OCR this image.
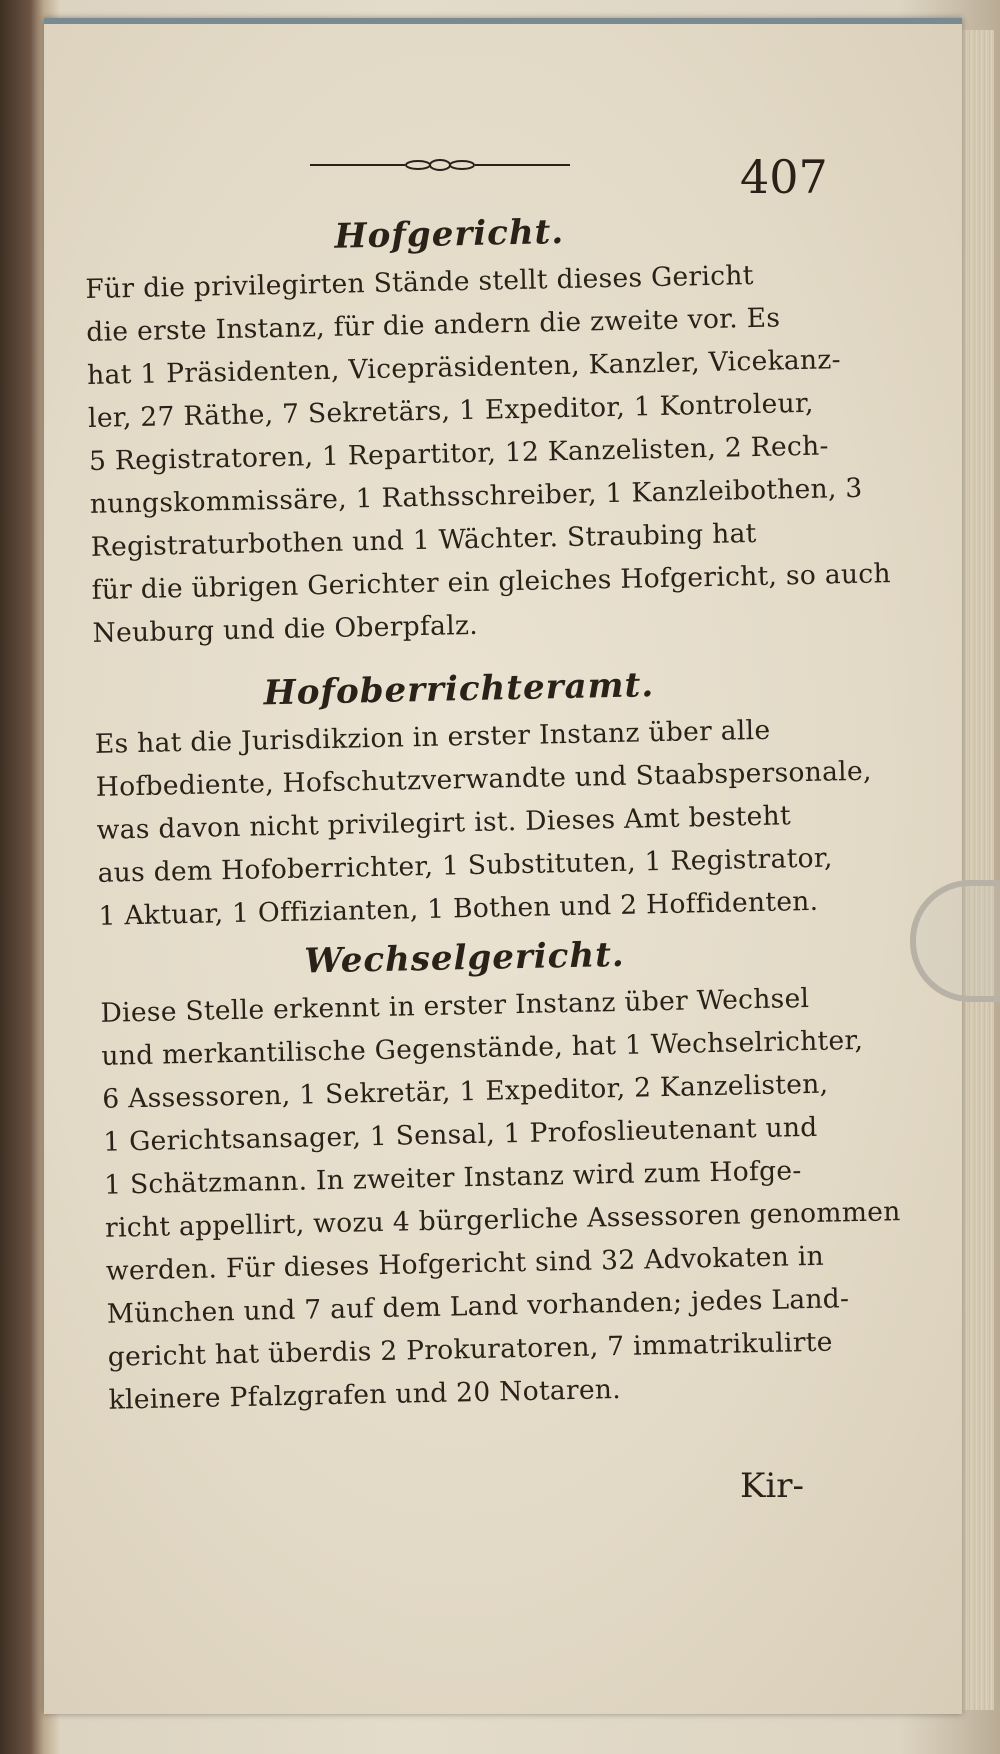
407
Hofgericht.

Für die privilegirten Stände stellt dieses Gericht
die erste Instanz, für die andern die zweite vor. Es
hat 1 Präsidenten, Vicepräsidenten, Kanzler, Vicekanz-
ler, 27 Räthe, 7 Sekretärs, 1 Expeditor, 1 Kontroleur,
5 Registratoren, 1 Repartitor, 12 Kanzelisten, 2 Rech-
nungskommissäre, 1 Rathsschreiber, 1 Kanzleibothen, 3
Registraturbothen und 1 Wächter. Straubing hat
für die übrigen Gerichter ein gleiches Hofgericht, so auch
Neuburg und die Oberpfalz.

Hofoberrichteramt.

Es hat die Jurisdikzion in erster Instanz über alle
Hofbediente, Hofschutzverwandte und Staabspersonale,
was davon nicht privilegirt ist. Dieses Amt besteht
aus dem Hofoberrichter, 1 Substituten, 1 Registrator,
1 Aktuar, 1 Offizianten, 1 Bothen und 2 Hoffidenten.

Wechselgericht.

Diese Stelle erkennt in erster Instanz über Wechsel
und merkantilische Gegenstände, hat 1 Wechselrichter,
6 Assessoren, 1 Sekretär, 1 Expeditor, 2 Kanzelisten,
1 Gerichtsansager, 1 Sensal, 1 Profoslieutenant und
1 Schätzmann. In zweiter Instanz wird zum Hofge-
richt appellirt, wozu 4 bürgerliche Assessoren genommen
werden. Für dieses Hofgericht sind 32 Advokaten in
München und 7 auf dem Land vorhanden; jedes Land-
gericht hat überdis 2 Prokuratoren, 7 immatrikulirte
kleinere Pfalzgrafen und 20 Notaren.

Kir-
